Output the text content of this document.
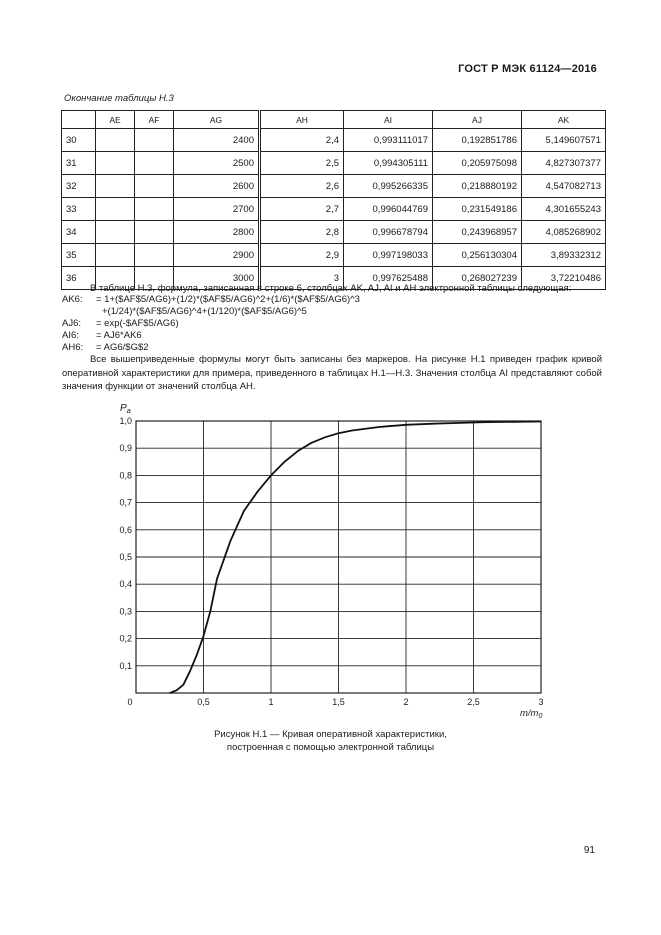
ГОСТ Р МЭК 61124—2016
Окончание таблицы Н.3
	AE	AF	AG	AH	AI	AJ	AK
30			2400	2,4	0,993111017	0,192851786	5,149607571
31			2500	2,5	0,994305111	0,205975098	4,827307377
32			2600	2,6	0,995266335	0,218880192	4,547082713
33			2700	2,7	0,996044769	0,231549186	4,301655243
34			2800	2,8	0,996678794	0,243968957	4,085268902
35			2900	2,9	0,997198033	0,256130304	3,89332312
36			3000	3	0,997625488	0,268027239	3,72210486
В таблице Н.3, формула, записанная в строке 6, столбцах AK, AJ, AI и AH электронной таблицы следующая:
AK6: = 1+($AF$5/AG6)+(1/2)*($AF$5/AG6)^2+(1/6)*($AF$5/AG6)^3
+(1/24)*($AF$5/AG6)^4+(1/120)*($AF$5/AG6)^5
AJ6: = exp(-$AF$5/AG6)
AI6: = AJ6*AK6
AH6: = AG6/$G$2
Все вышеприведенные формулы могут быть записаны без маркеров. На рисунке Н.1 приведен график кривой оперативной характеристики для примера, приведенного в таблицах Н.1—Н.3. Значения столбца AI представляют собой значения функции от значений столбца AH.
0	0,5	1	1,5	2	2,5	3
0,1
0,2
0,3
0,4
0,5
0,6
0,7
0,8
0,9
1,0
$P_a$
$m/m_0$
Рисунок Н.1 — Кривая оперативной характеристики,
построенная с помощью электронной таблицы
91
